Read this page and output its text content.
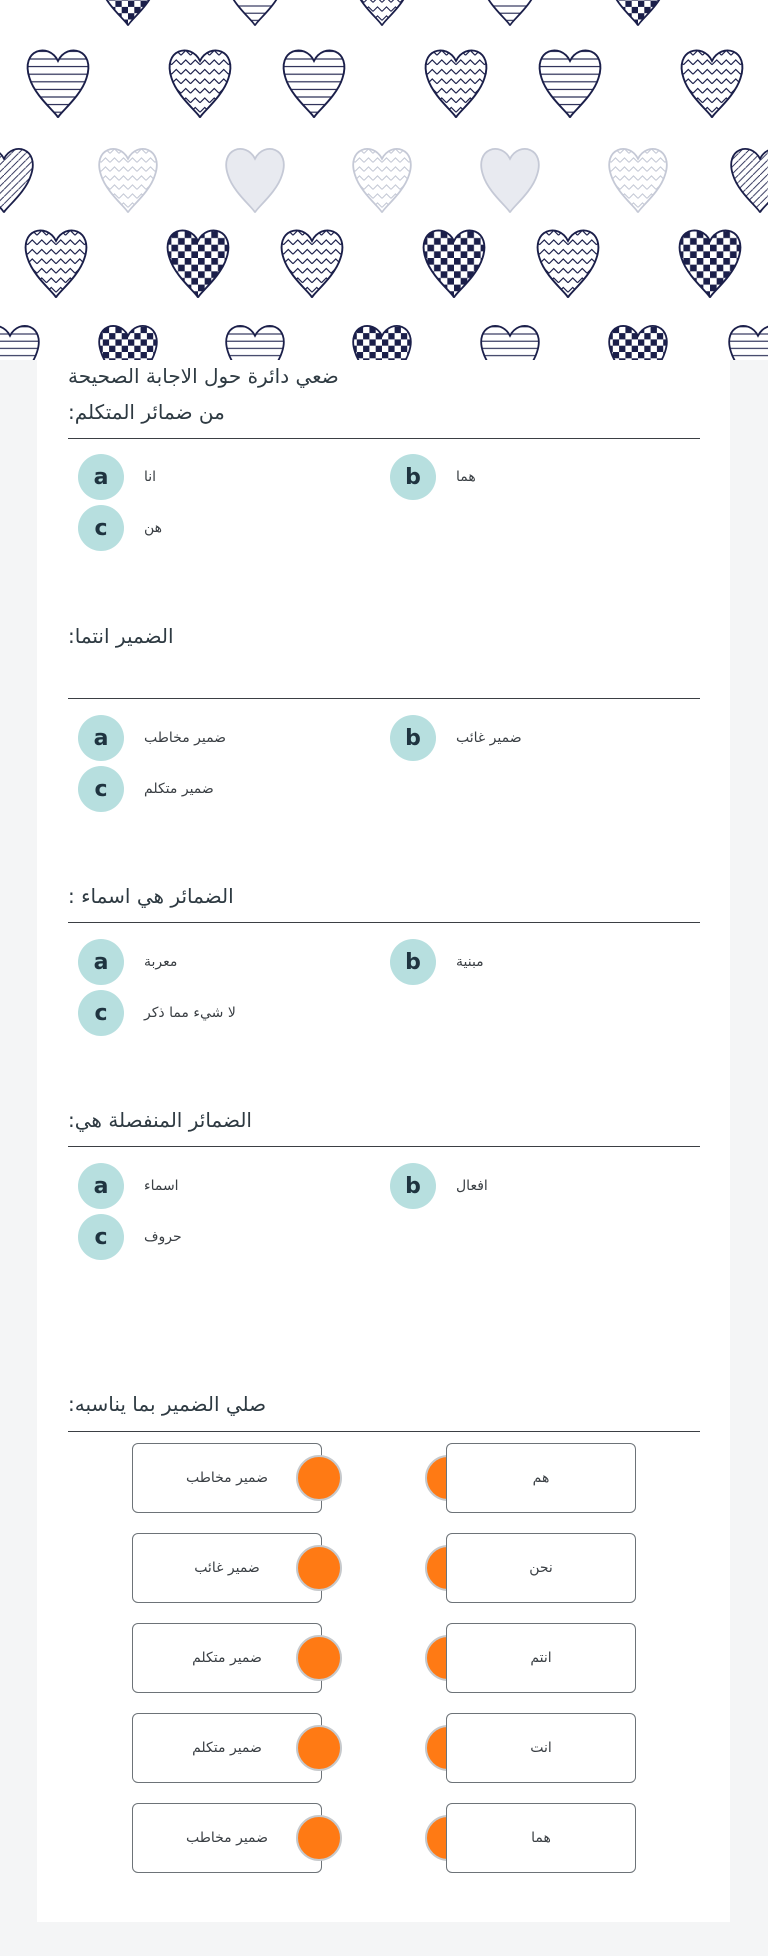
ضعي دائرة حول الاجابة الصحيحة
من ضمائر المتكلم:
a	انا	b	هما
c	هن
الضمير انتما:
a	ضمير مخاطب	b	ضمير غائب
c	ضمير متكلم
الضمائر هي اسماء :
a	معربة	b	مبنية
c	لا شيء مما ذكر
الضمائر المنفصلة هي:
a	اسماء	b	افعال
c	حروف
صلي الضمير بما يناسبه:
ضمير مخاطب	هم
ضمير غائب	نحن
ضمير متكلم	انتم
ضمير متكلم	انت
ضمير مخاطب	هما
